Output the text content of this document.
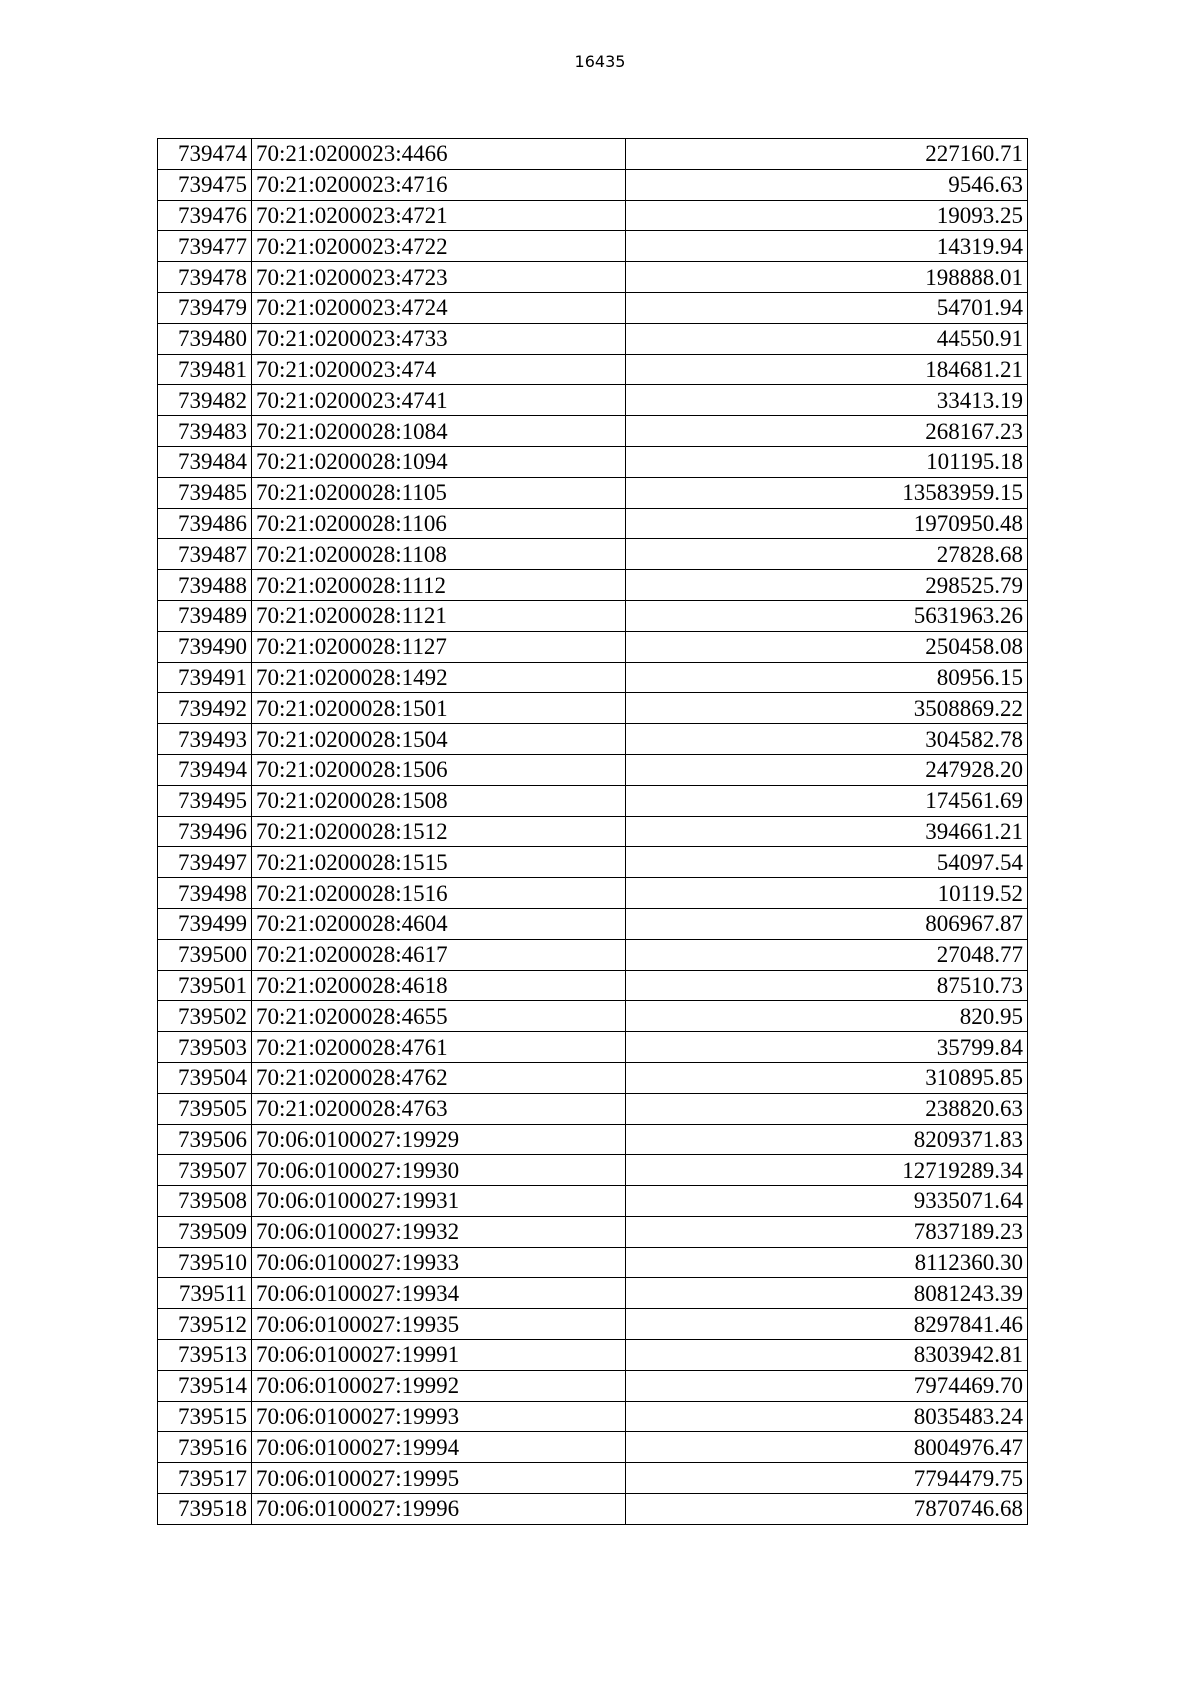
16435
739474	70:21:0200023:4466	227160.71
739475	70:21:0200023:4716	9546.63
739476	70:21:0200023:4721	19093.25
739477	70:21:0200023:4722	14319.94
739478	70:21:0200023:4723	198888.01
739479	70:21:0200023:4724	54701.94
739480	70:21:0200023:4733	44550.91
739481	70:21:0200023:474	184681.21
739482	70:21:0200023:4741	33413.19
739483	70:21:0200028:1084	268167.23
739484	70:21:0200028:1094	101195.18
739485	70:21:0200028:1105	13583959.15
739486	70:21:0200028:1106	1970950.48
739487	70:21:0200028:1108	27828.68
739488	70:21:0200028:1112	298525.79
739489	70:21:0200028:1121	5631963.26
739490	70:21:0200028:1127	250458.08
739491	70:21:0200028:1492	80956.15
739492	70:21:0200028:1501	3508869.22
739493	70:21:0200028:1504	304582.78
739494	70:21:0200028:1506	247928.20
739495	70:21:0200028:1508	174561.69
739496	70:21:0200028:1512	394661.21
739497	70:21:0200028:1515	54097.54
739498	70:21:0200028:1516	10119.52
739499	70:21:0200028:4604	806967.87
739500	70:21:0200028:4617	27048.77
739501	70:21:0200028:4618	87510.73
739502	70:21:0200028:4655	820.95
739503	70:21:0200028:4761	35799.84
739504	70:21:0200028:4762	310895.85
739505	70:21:0200028:4763	238820.63
739506	70:06:0100027:19929	8209371.83
739507	70:06:0100027:19930	12719289.34
739508	70:06:0100027:19931	9335071.64
739509	70:06:0100027:19932	7837189.23
739510	70:06:0100027:19933	8112360.30
739511	70:06:0100027:19934	8081243.39
739512	70:06:0100027:19935	8297841.46
739513	70:06:0100027:19991	8303942.81
739514	70:06:0100027:19992	7974469.70
739515	70:06:0100027:19993	8035483.24
739516	70:06:0100027:19994	8004976.47
739517	70:06:0100027:19995	7794479.75
739518	70:06:0100027:19996	7870746.68
